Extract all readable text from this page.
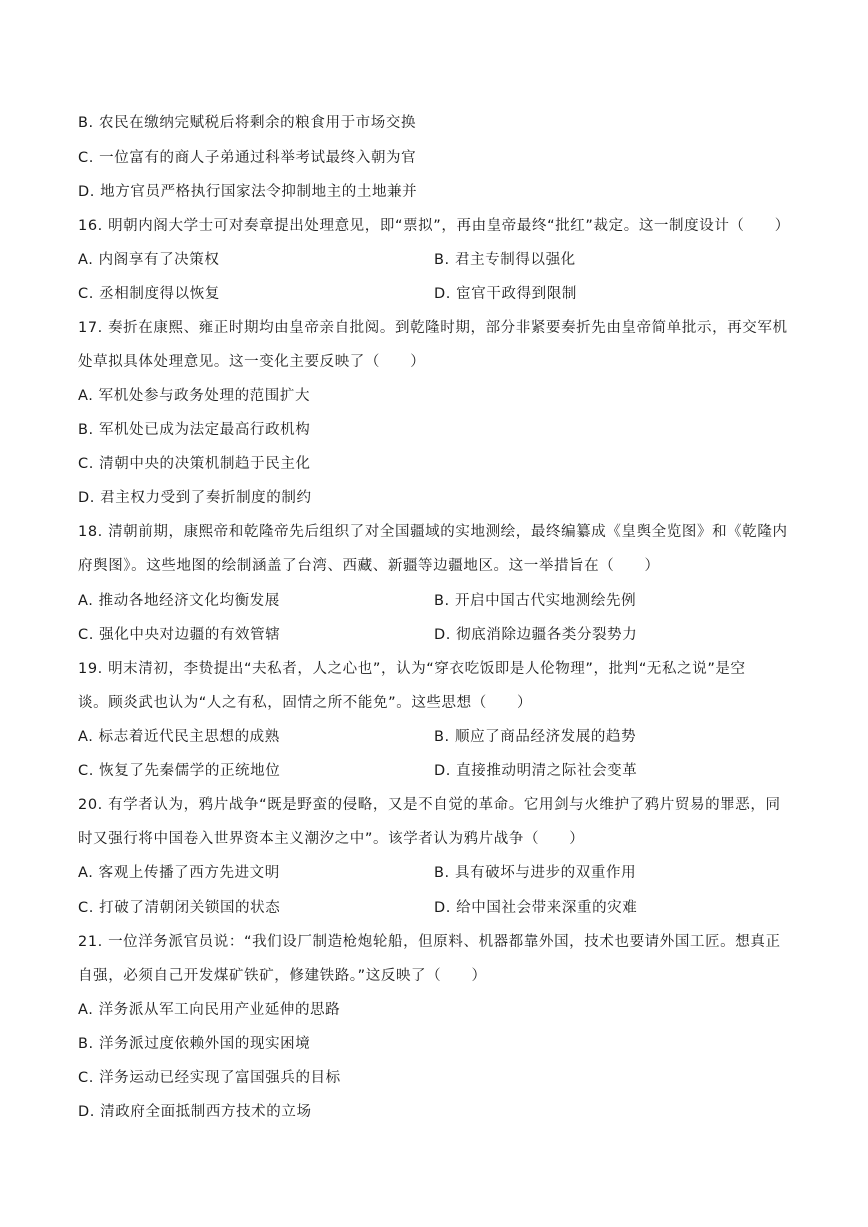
B. 农民在缴纳完赋税后将剩余的粮食用于市场交换
C. 一位富有的商人子弟通过科举考试最终入朝为官
D. 地方官员严格执行国家法令抑制地主的土地兼并
16. 明朝内阁大学士可对奏章提出处理意见，即“票拟”，再由皇帝最终“批红”裁定。这一制度设计（　　）
A. 内阁享有了决策权	B. 君主专制得以强化
C. 丞相制度得以恢复	D. 宦官干政得到限制
17. 奏折在康熙、雍正时期均由皇帝亲自批阅。到乾隆时期，部分非紧要奏折先由皇帝简单批示，再交军机
处草拟具体处理意见。这一变化主要反映了（　　）
A. 军机处参与政务处理的范围扩大
B. 军机处已成为法定最高行政机构
C. 清朝中央的决策机制趋于民主化
D. 君主权力受到了奏折制度的制约
18. 清朝前期，康熙帝和乾隆帝先后组织了对全国疆域的实地测绘，最终编纂成《皇舆全览图》和《乾隆内
府舆图》。这些地图的绘制涵盖了台湾、西藏、新疆等边疆地区。这一举措旨在（　　）
A. 推动各地经济文化均衡发展	B. 开启中国古代实地测绘先例
C. 强化中央对边疆的有效管辖	D. 彻底消除边疆各类分裂势力
19. 明末清初，李贽提出“夫私者，人之心也”，认为“穿衣吃饭即是人伦物理”，批判“无私之说”是空
谈。顾炎武也认为“人之有私，固情之所不能免”。这些思想（　　）
A. 标志着近代民主思想的成熟	B. 顺应了商品经济发展的趋势
C. 恢复了先秦儒学的正统地位	D. 直接推动明清之际社会变革
20. 有学者认为，鸦片战争“既是野蛮的侵略，又是不自觉的革命。它用剑与火维护了鸦片贸易的罪恶，同
时又强行将中国卷入世界资本主义潮汐之中”。该学者认为鸦片战争（　　）
A. 客观上传播了西方先进文明	B. 具有破坏与进步的双重作用
C. 打破了清朝闭关锁国的状态	D. 给中国社会带来深重的灾难
21. 一位洋务派官员说：“我们设厂制造枪炮轮船，但原料、机器都靠外国，技术也要请外国工匠。想真正
自强，必须自己开发煤矿铁矿，修建铁路。”这反映了（　　）
A. 洋务派从军工向民用产业延伸的思路
B. 洋务派过度依赖外国的现实困境
C. 洋务运动已经实现了富国强兵的目标
D. 清政府全面抵制西方技术的立场
